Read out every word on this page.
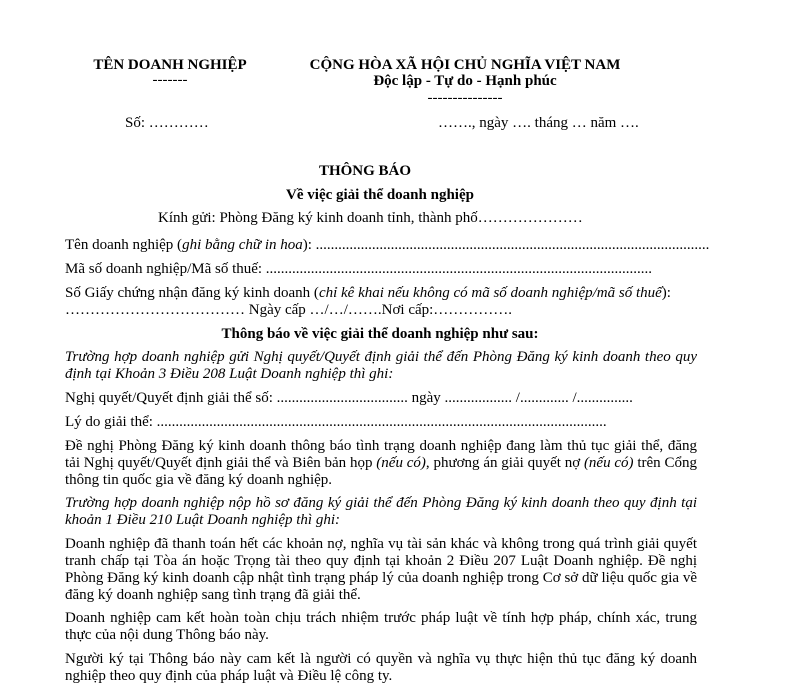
TÊN DOANH NGHIỆP
-------
CỘNG HÒA XÃ HỘI CHỦ NGHĨA VIỆT NAM
Độc lập - Tự do - Hạnh phúc
---------------
Số: …………	……., ngày …. tháng … năm ….
THÔNG BÁO
Về việc giải thể doanh nghiệp
Kính gửi: Phòng Đăng ký kinh doanh tỉnh, thành phố…………………
Tên doanh nghiệp (ghi bằng chữ in hoa): .........................................................................................................
Mã số doanh nghiệp/Mã số thuế: .......................................................................................................
Số Giấy chứng nhận đăng ký kinh doanh (chỉ kê khai nếu không có mã số doanh nghiệp/mã số thuế):
……………………………… Ngày cấp …/…/…….Nơi cấp:…………….
Thông báo về việc giải thể doanh nghiệp như sau:
Trường hợp doanh nghiệp gửi Nghị quyết/Quyết định giải thể đến Phòng Đăng ký kinh doanh theo quy định tại Khoản 3 Điều 208 Luật Doanh nghiệp thì ghi:
Nghị quyết/Quyết định giải thể số: ................................... ngày .................. /............. /...............
Lý do giải thể: ........................................................................................................................
Đề nghị Phòng Đăng ký kinh doanh thông báo tình trạng doanh nghiệp đang làm thủ tục giải thể, đăng tải Nghị quyết/Quyết định giải thể và Biên bản họp (nếu có), phương án giải quyết nợ (nếu có) trên Cổng thông tin quốc gia về đăng ký doanh nghiệp.
Trường hợp doanh nghiệp nộp hồ sơ đăng ký giải thể đến Phòng Đăng ký kinh doanh theo quy định tại khoản 1 Điều 210 Luật Doanh nghiệp thì ghi:
Doanh nghiệp đã thanh toán hết các khoản nợ, nghĩa vụ tài sản khác và không trong quá trình giải quyết tranh chấp tại Tòa án hoặc Trọng tài theo quy định tại khoản 2 Điều 207 Luật Doanh nghiệp. Đề nghị Phòng Đăng ký kinh doanh cập nhật tình trạng pháp lý của doanh nghiệp trong Cơ sở dữ liệu quốc gia về đăng ký doanh nghiệp sang tình trạng đã giải thể.
Doanh nghiệp cam kết hoàn toàn chịu trách nhiệm trước pháp luật về tính hợp pháp, chính xác, trung thực của nội dung Thông báo này.
Người ký tại Thông báo này cam kết là người có quyền và nghĩa vụ thực hiện thủ tục đăng ký doanh nghiệp theo quy định của pháp luật và Điều lệ công ty.
